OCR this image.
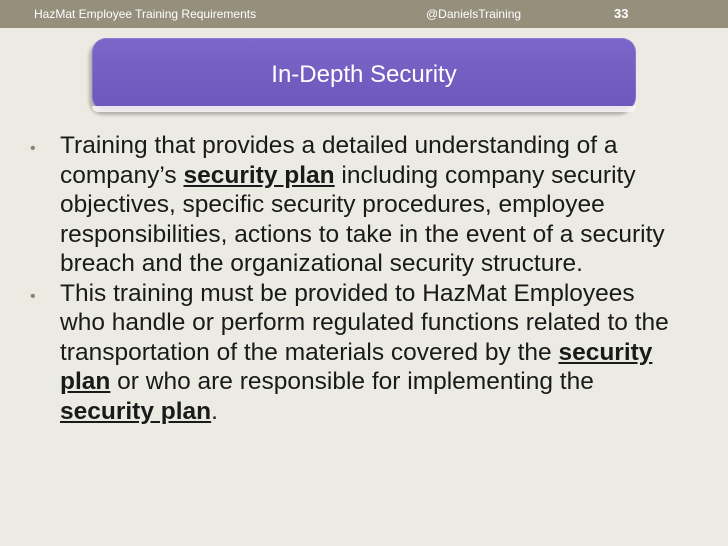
HazMat Employee Training Requirements	@DanielsTraining	33
In-Depth Security
• Training that provides a detailed understanding of a company’s security plan including company security objectives, specific security procedures, employee responsibilities, actions to take in the event of a security breach and the organizational security structure.
• This training must be provided to HazMat Employees who handle or perform regulated functions related to the transportation of the materials covered by the security plan or who are responsible for implementing the security plan.
